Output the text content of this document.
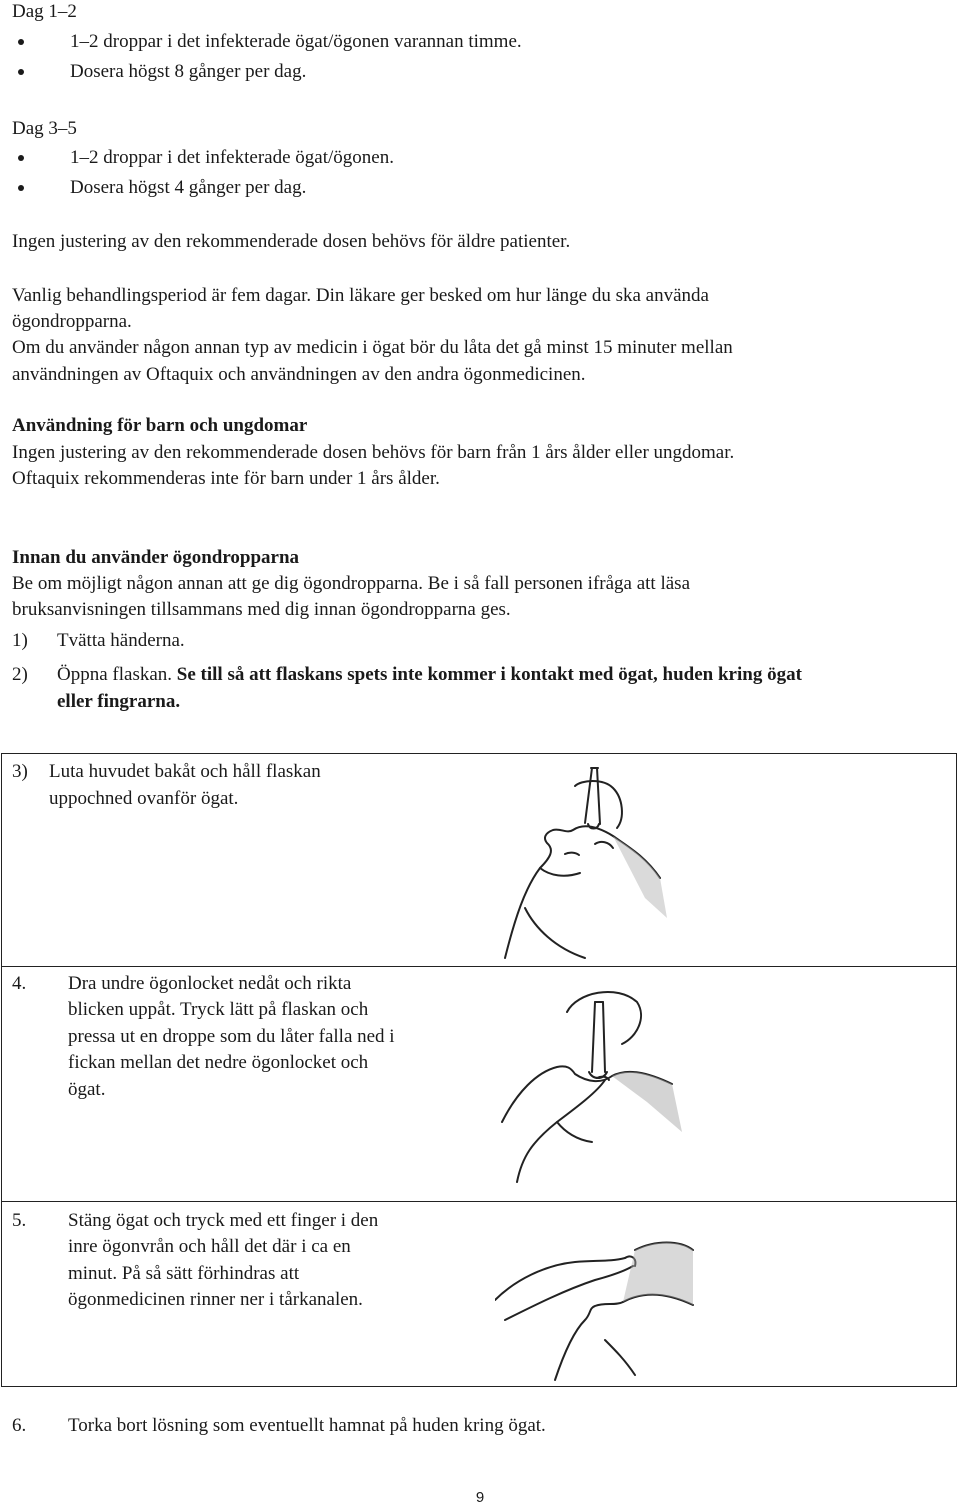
Dag 1–2
1–2 droppar i det infekterade ögat/ögonen varannan timme.
Dosera högst 8 gånger per dag.
Dag 3–5
1–2 droppar i det infekterade ögat/ögonen.
Dosera högst 4 gånger per dag.
Ingen justering av den rekommenderade dosen behövs för äldre patienter.
Vanlig behandlingsperiod är fem dagar. Din läkare ger besked om hur länge du ska använda
ögondropparna.
Om du använder någon annan typ av medicin i ögat bör du låta det gå minst 15 minuter mellan
användningen av Oftaquix och användningen av den andra ögonmedicinen.
Användning för barn och ungdomar
Ingen justering av den rekommenderade dosen behövs för barn från 1 års ålder eller ungdomar.
Oftaquix rekommenderas inte för barn under 1 års ålder.
Innan du använder ögondropparna
Be om möjligt någon annan att ge dig ögondropparna. Be i så fall personen ifråga att läsa
bruksanvisningen tillsammans med dig innan ögondropparna ges.
1) Tvätta händerna.
2) Öppna flaskan. Se till så att flaskans spets inte kommer i kontakt med ögat, huden kring ögat
eller fingrarna.
3) Luta huvudet bakåt och håll flaskan
uppochned ovanför ögat.
4. Dra undre ögonlocket nedåt och rikta
blicken uppåt. Tryck lätt på flaskan och
pressa ut en droppe som du låter falla ned i
fickan mellan det nedre ögonlocket och
ögat.
5. Stäng ögat och tryck med ett finger i den
inre ögonvrån och håll det där i ca en
minut. På så sätt förhindras att
ögonmedicinen rinner ner i tårkanalen.
6. Torka bort lösning som eventuellt hamnat på huden kring ögat.
9
